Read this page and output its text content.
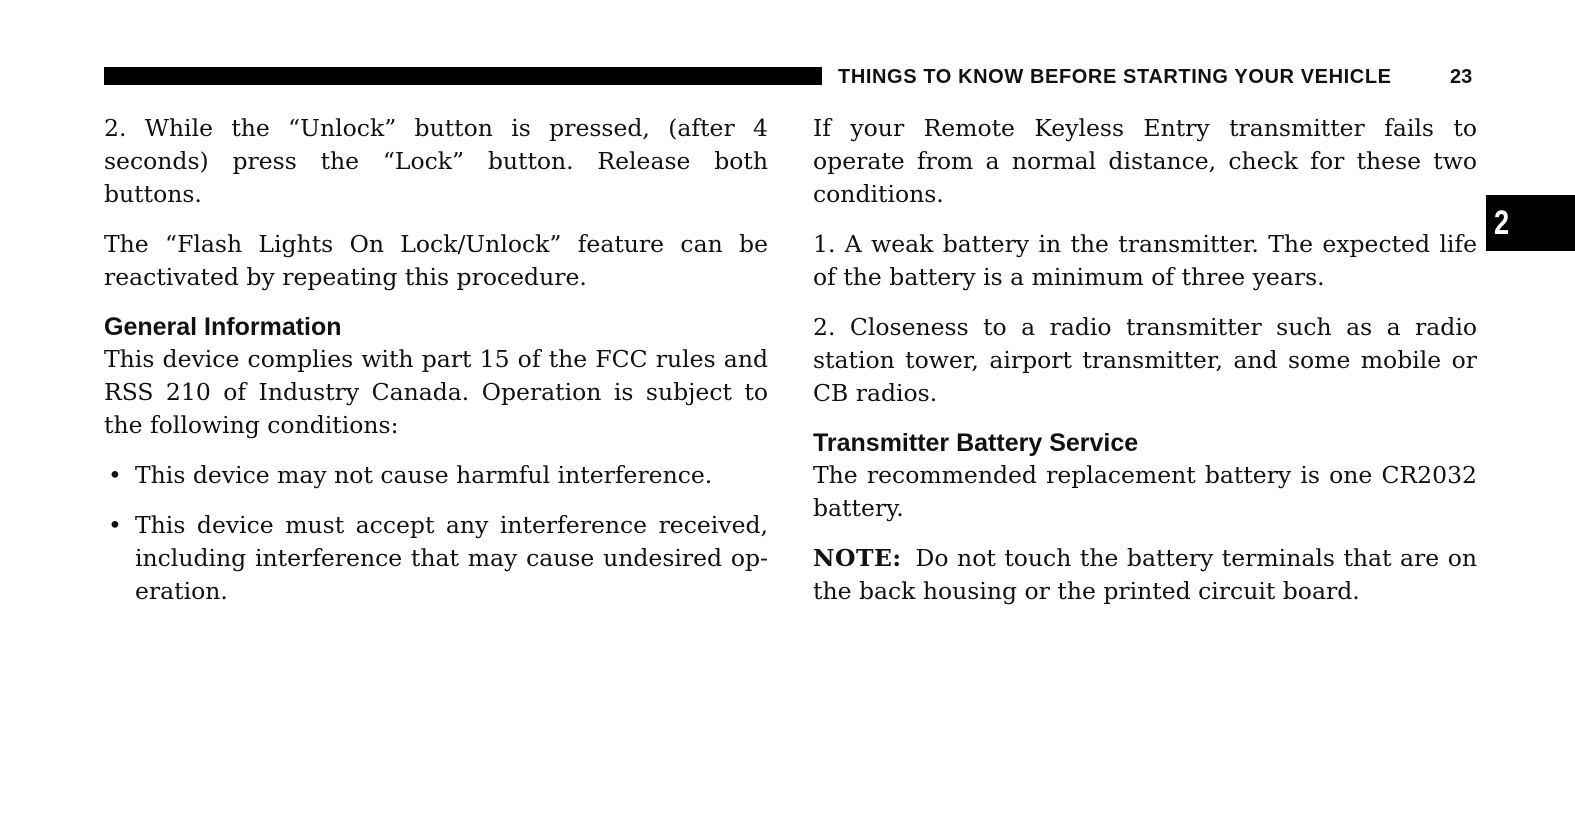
THINGS TO KNOW BEFORE STARTING YOUR VEHICLE	23
2

2. While the “Unlock” button is pressed, (after 4 seconds) press the “Lock” button. Release both buttons.

The “Flash Lights On Lock/Unlock” feature can be reactivated by repeating this procedure.

General Information

This device complies with part 15 of the FCC rules and RSS 210 of Industry Canada. Operation is subject to the following conditions:

• This device may not cause harmful interference.
• This device must accept any interference received, including interference that may cause undesired op-eration.

If your Remote Keyless Entry transmitter fails to operate from a normal distance, check for these two conditions.

1. A weak battery in the transmitter. The expected life of the battery is a minimum of three years.

2. Closeness to a radio transmitter such as a radio station tower, airport transmitter, and some mobile or CB radios.

Transmitter Battery Service

The recommended replacement battery is one CR2032 battery.

NOTE: Do not touch the battery terminals that are on the back housing or the printed circuit board.
